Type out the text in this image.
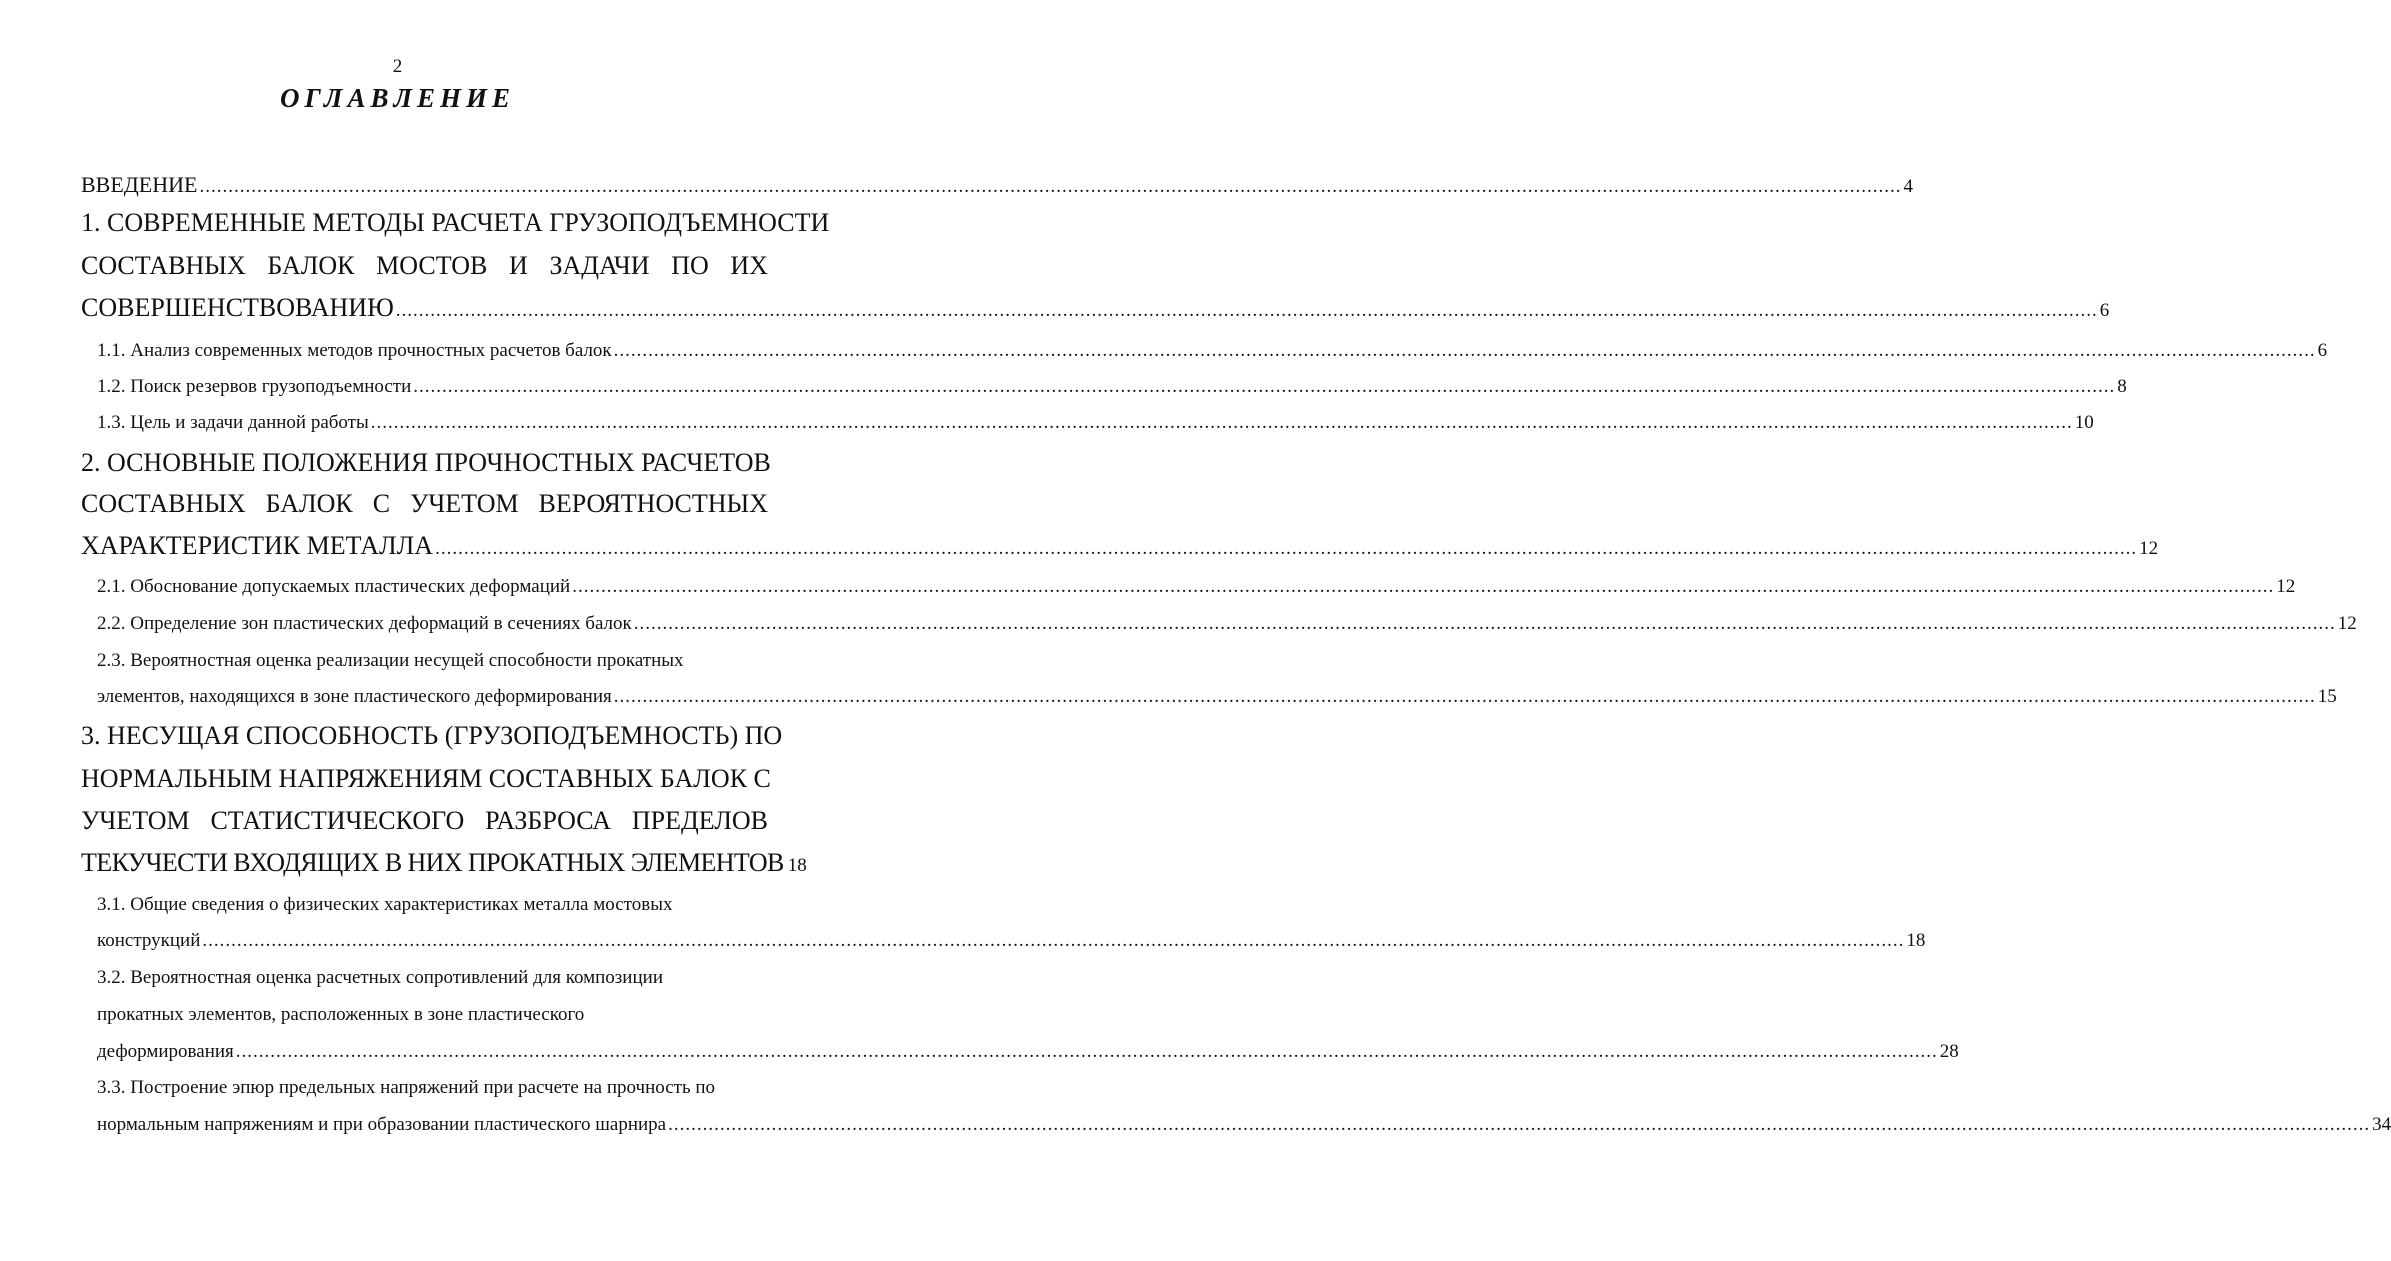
2
ОГЛАВЛЕНИЕ
ВВЕДЕНИЕ .....	4
1. СОВРЕМЕННЫЕ МЕТОДЫ РАСЧЕТА ГРУЗОПОДЪЕМНОСТИ
СОСТАВНЫХ БАЛОК МОСТОВ И ЗАДАЧИ ПО ИХ
СОВЕРШЕНСТВОВАНИЮ .....	6
1.1. Анализ современных методов прочностных расчетов балок .....	6
1.2. Поиск резервов грузоподъемности .....	8
1.3. Цель и задачи данной работы .....	10
2. ОСНОВНЫЕ ПОЛОЖЕНИЯ ПРОЧНОСТНЫХ РАСЧЕТОВ
СОСТАВНЫХ БАЛОК С УЧЕТОМ ВЕРОЯТНОСТНЫХ
ХАРАКТЕРИСТИК МЕТАЛЛА .....	12
2.1. Обоснование допускаемых пластических деформаций .....	12
2.2. Определение зон пластических деформаций в сечениях балок .....	12
2.3. Вероятностная оценка реализации несущей способности прокатных
элементов, находящихся в зоне пластического деформирования .....	15
3. НЕСУЩАЯ СПОСОБНОСТЬ (ГРУЗОПОДЪЕМНОСТЬ) ПО
НОРМАЛЬНЫМ НАПРЯЖЕНИЯМ СОСТАВНЫХ БАЛОК С
УЧЕТОМ СТАТИСТИЧЕСКОГО РАЗБРОСА ПРЕДЕЛОВ
ТЕКУЧЕСТИ ВХОДЯЩИХ В НИХ ПРОКАТНЫХ ЭЛЕМЕНТОВ 18
3.1. Общие сведения о физических характеристиках металла мостовых
конструкций .....	18
3.2. Вероятностная оценка расчетных сопротивлений для композиции
прокатных элементов, расположенных в зоне пластического
деформирования .....	28
3.3. Построение эпюр предельных напряжений при расчете на прочность по
нормальным напряжениям и при образовании пластического шарнира .....	34
